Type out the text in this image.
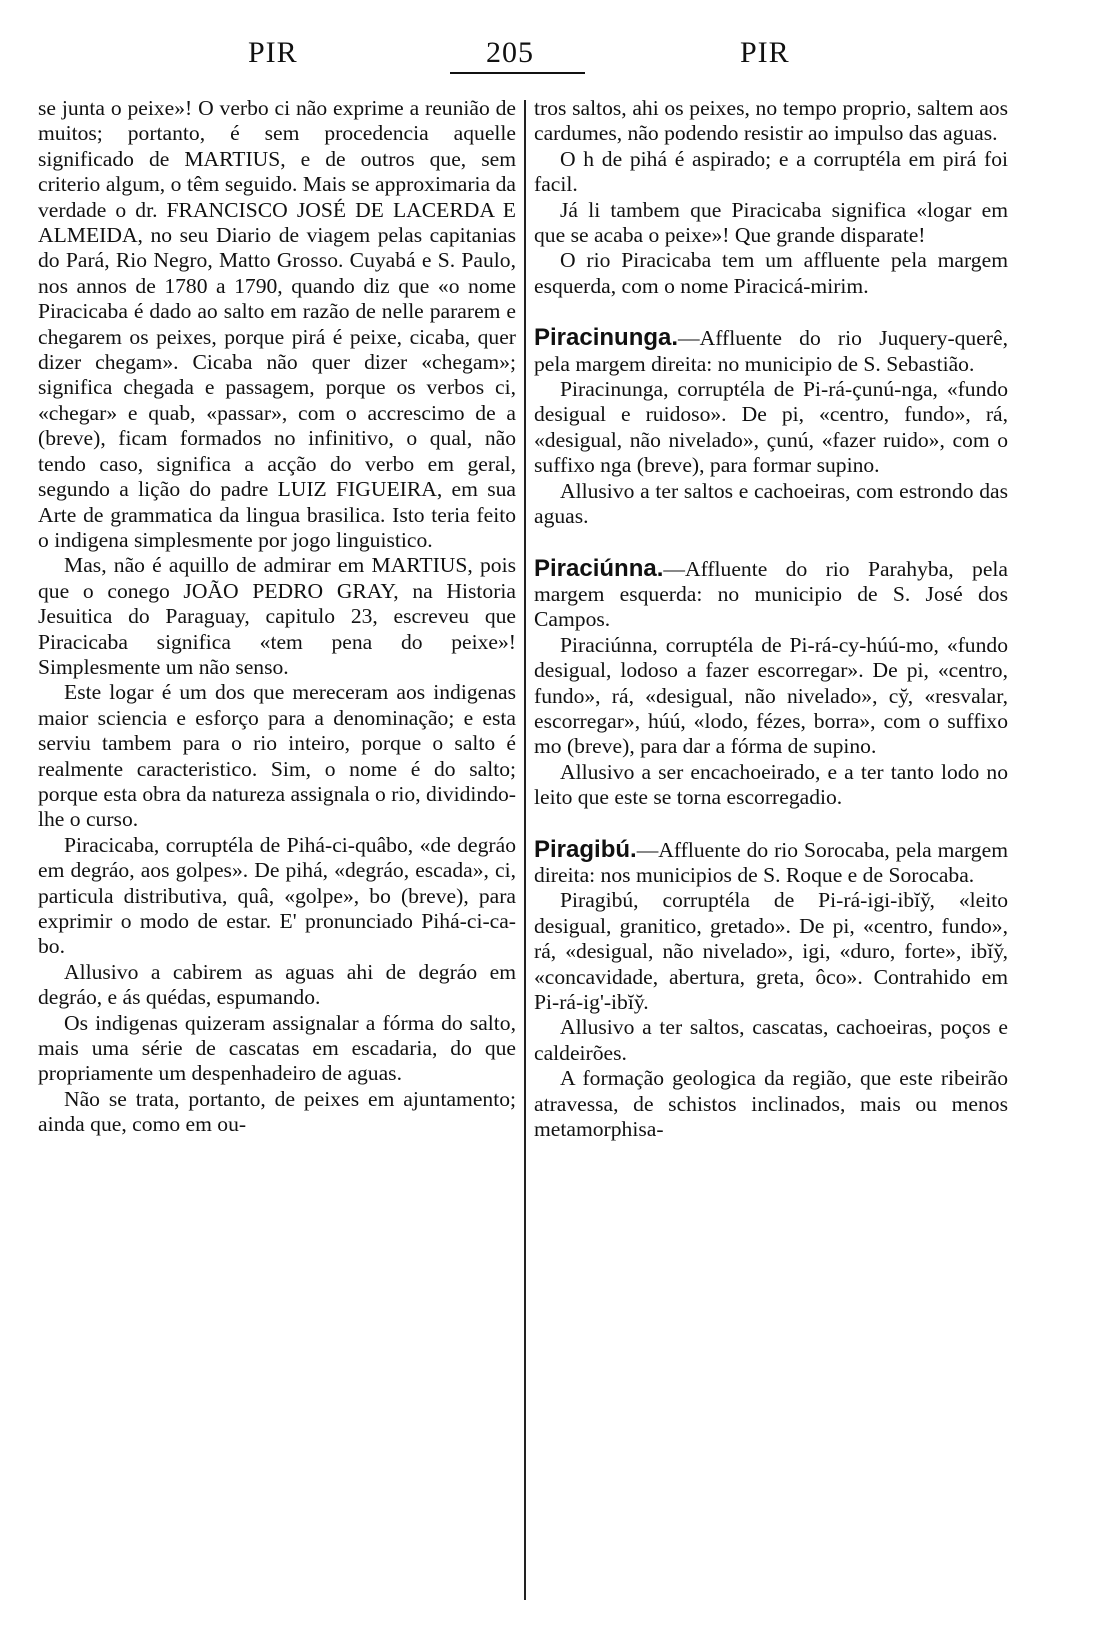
PIR	205	PIR

se junta o peixe»! O verbo ci não exprime a reunião de muitos; portanto, é sem procedencia aquelle significado de MARTIUS, e de outros que, sem criterio algum, o têm seguido. Mais se approximaria da verdade o dr. FRANCISCO JOSÉ DE LACERDA E ALMEIDA, no seu Diario de viagem pelas capitanias do Pará, Rio Negro, Matto Grosso. Cuyabá e S. Paulo, nos annos de 1780 a 1790, quando diz que «o nome Piracicaba é dado ao salto em razão de nelle pararem e chegarem os peixes, porque pirá é peixe, cicaba, quer dizer chegam». Cicaba não quer dizer «chegam»; significa chegada e passagem, porque os verbos ci, «chegar» e quab, «passar», com o accrescimo de a (breve), ficam formados no infinitivo, o qual, não tendo caso, significa a acção do verbo em geral, segundo a lição do padre LUIZ FIGUEIRA, em sua Arte de grammatica da lingua brasilica. Isto teria feito o indigena simplesmente por jogo linguistico.

Mas, não é aquillo de admirar em MARTIUS, pois que o conego JOÃO PEDRO GRAY, na Historia Jesuitica do Paraguay, capitulo 23, escreveu que Piracicaba significa «tem pena do peixe»! Simplesmente um não senso.

Este logar é um dos que mereceram aos indigenas maior sciencia e esforço para a denominação; e esta serviu tambem para o rio inteiro, porque o salto é realmente caracteristico. Sim, o nome é do salto; porque esta obra da natureza assignala o rio, dividindo-lhe o curso.

Piracicaba, corruptéla de Pihá-ci-quâbo, «de degráo em degráo, aos golpes». De pihá, «degráo, escada», ci, particula distributiva, quâ, «golpe», bo (breve), para exprimir o modo de estar. E' pronunciado Pihá-ci-ca-bo.

Allusivo a cabirem as aguas ahi de degráo em degráo, e ás quédas, espumando.

Os indigenas quizeram assignalar a fórma do salto, mais uma série de cascatas em escadaria, do que propriamente um despenhadeiro de aguas.

Não se trata, portanto, de peixes em ajuntamento; ainda que, como em ou-

tros saltos, ahi os peixes, no tempo proprio, saltem aos cardumes, não podendo resistir ao impulso das aguas.

O h de pihá é aspirado; e a corruptéla em pirá foi facil.

Já li tambem que Piracicaba significa «logar em que se acaba o peixe»! Que grande disparate!

O rio Piracicaba tem um affluente pela margem esquerda, com o nome Piracicá-mirim.

Piracinunga.—Affluente do rio Juquery-querê, pela margem direita: no municipio de S. Sebastião.

Piracinunga, corruptéla de Pi-rá-çunú-nga, «fundo desigual e ruidoso». De pi, «centro, fundo», rá, «desigual, não nivelado», çunú, «fazer ruido», com o suffixo nga (breve), para formar supino.

Allusivo a ter saltos e cachoeiras, com estrondo das aguas.

Piraciúnna.—Affluente do rio Parahyba, pela margem esquerda: no municipio de S. José dos Campos.

Piraciúnna, corruptéla de Pi-rá-cy-húú-mo, «fundo desigual, lodoso a fazer escorregar». De pi, «centro, fundo», rá, «desigual, não nivelado», cy̆, «resvalar, escorregar», húú, «lodo, fézes, borra», com o suffixo mo (breve), para dar a fórma de supino.

Allusivo a ser encachoeirado, e a ter tanto lodo no leito que este se torna escorregadio.

Piragibú.—Affluente do rio Sorocaba, pela margem direita: nos municipios de S. Roque e de Sorocaba.

Piragibú, corruptéla de Pi-rá-igi-ibĭy̆, «leito desigual, granitico, gretado». De pi, «centro, fundo», rá, «desigual, não nivelado», igi, «duro, forte», ibĭy̆, «concavidade, abertura, greta, ôco». Contrahido em Pi-rá-ig'-ibĭy̆.

Allusivo a ter saltos, cascatas, cachoeiras, poços e caldeirões.

A formação geologica da região, que este ribeirão atravessa, de schistos inclinados, mais ou menos metamorphisa-
